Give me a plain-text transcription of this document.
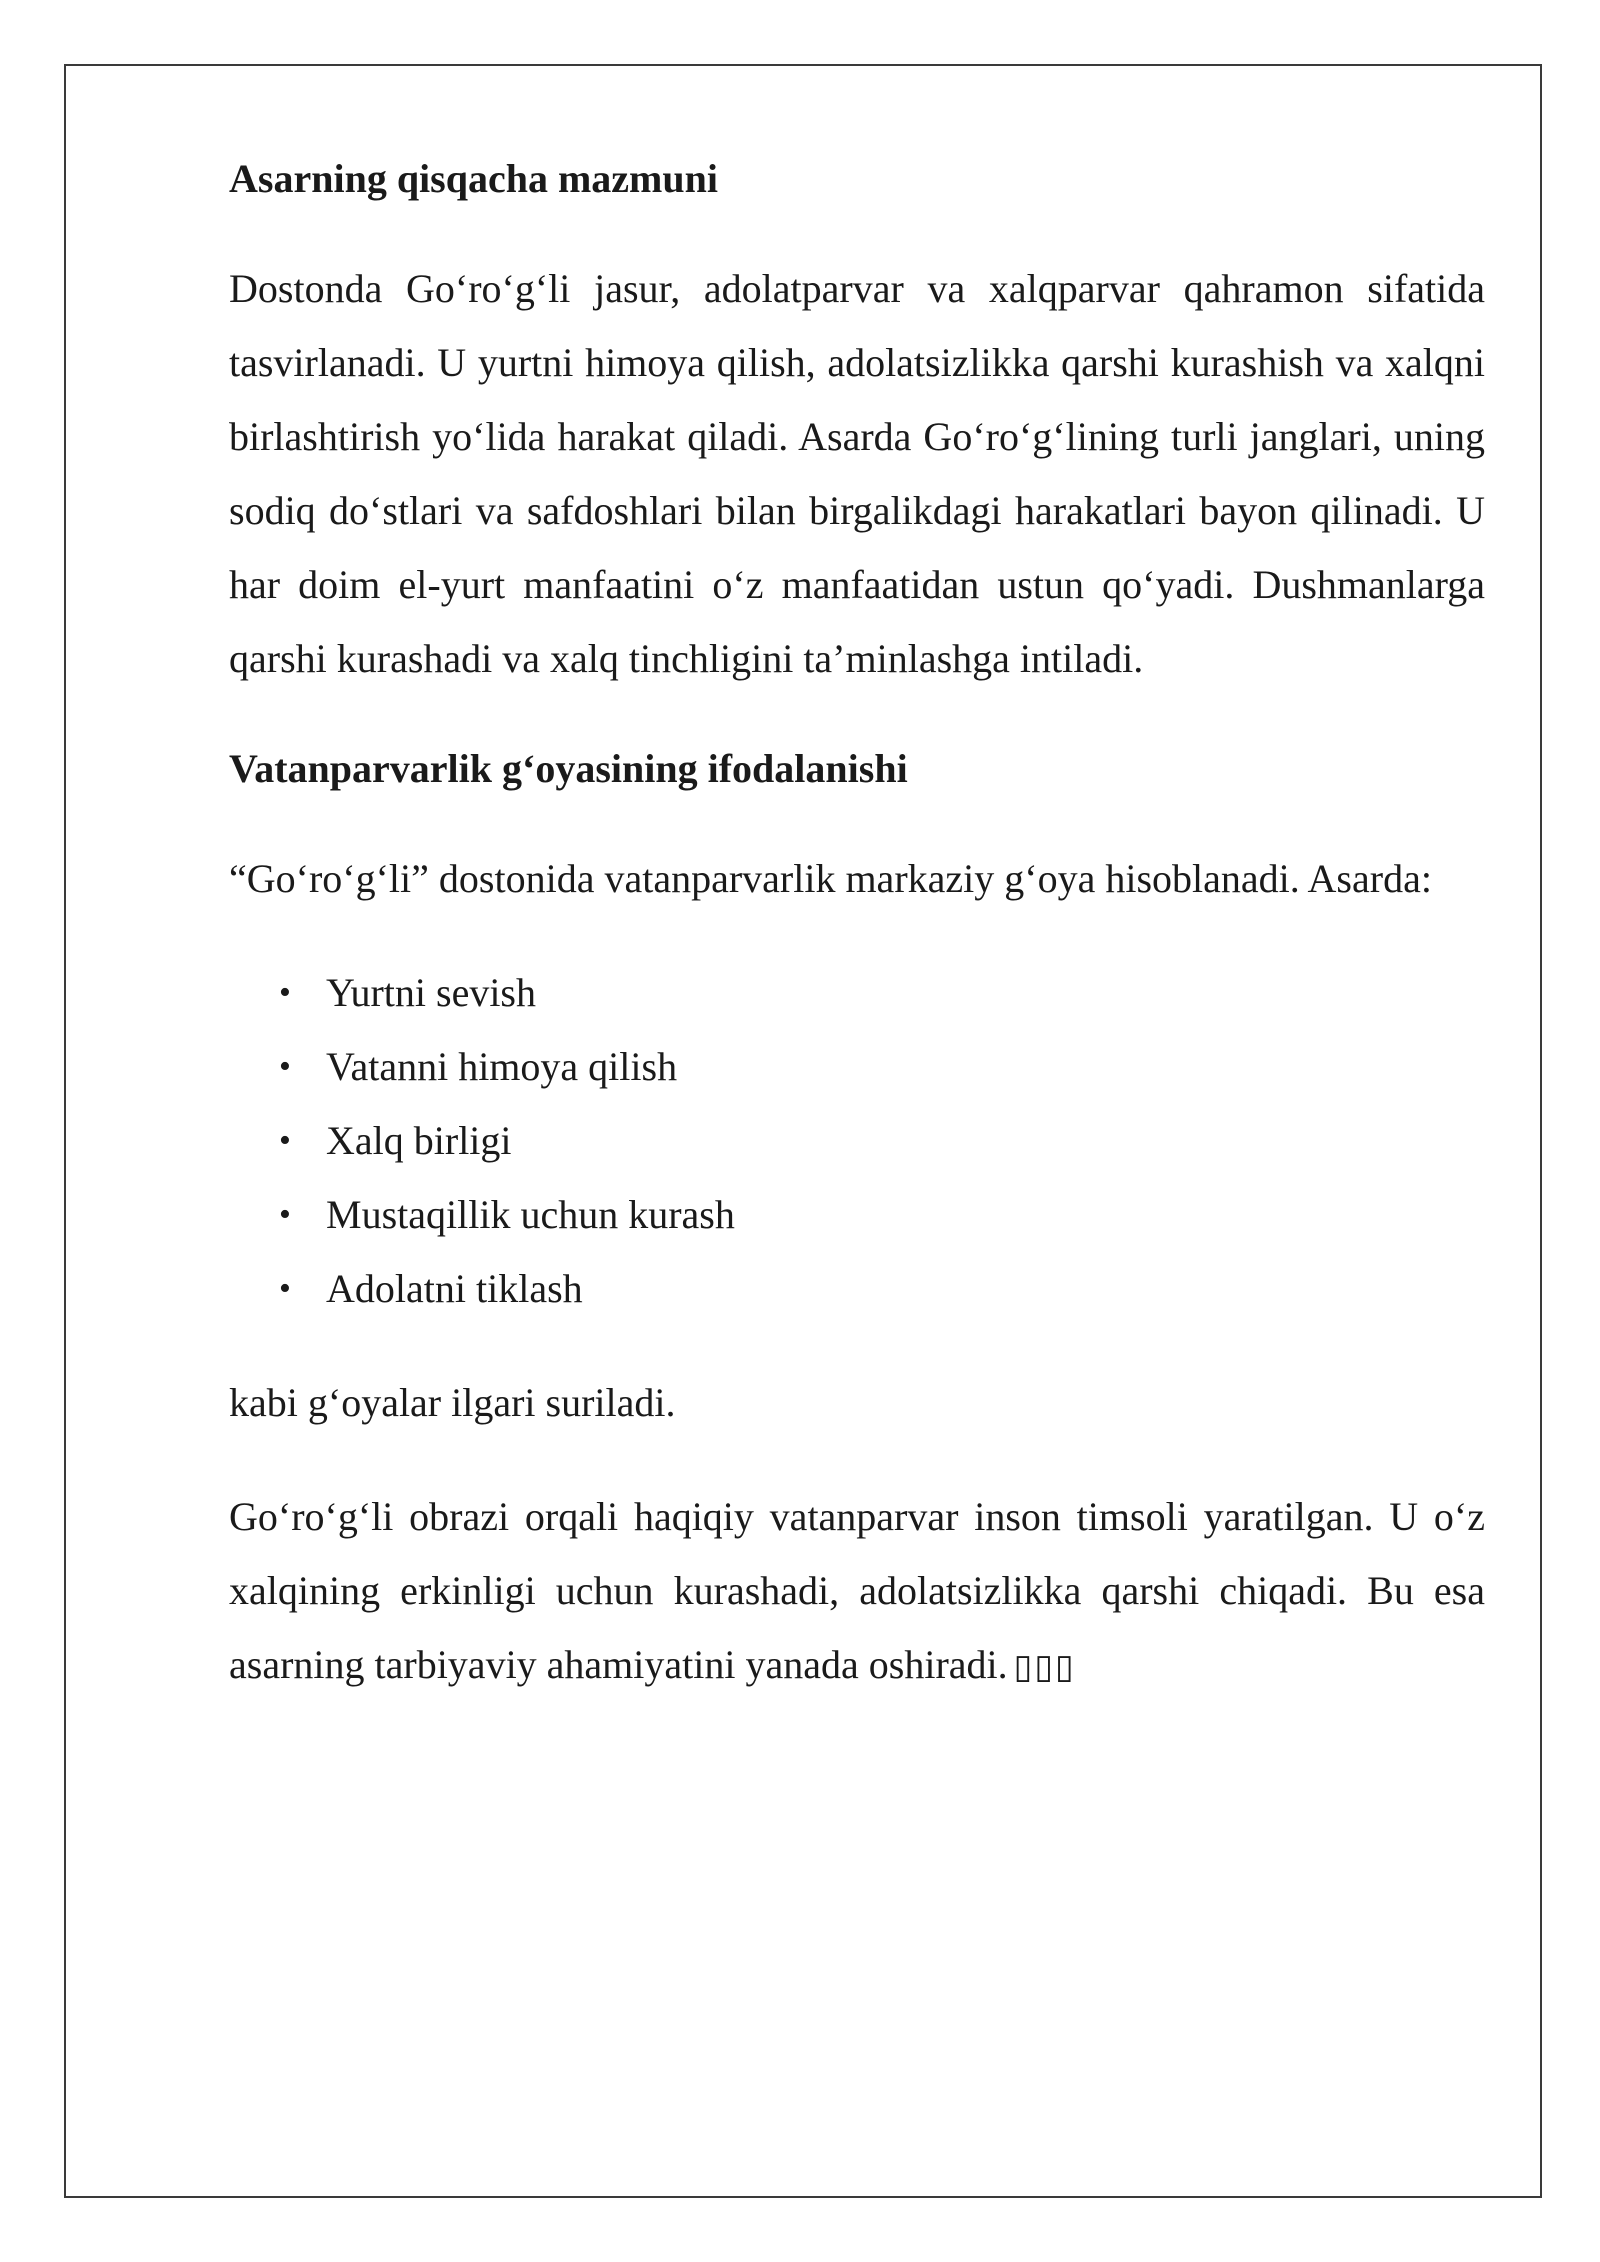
Asarning qisqacha mazmuni

Dostonda Go‘ro‘g‘li jasur, adolatparvar va xalqparvar qahramon sifatida tasvirlanadi. U yurtni himoya qilish, adolatsizlikka qarshi kurashish va xalqni birlashtirish yo‘lida harakat qiladi. Asarda Go‘ro‘g‘lining turli janglari, uning sodiq do‘stlari va safdoshlari bilan birgalikdagi harakatlari bayon qilinadi. U har doim el-yurt manfaatini o‘z manfaatidan ustun qo‘yadi. Dushmanlarga qarshi kurashadi va xalq tinchligini ta’minlashga intiladi.

Vatanparvarlik g‘oyasining ifodalanishi

“Go‘ro‘g‘li” dostonida vatanparvarlik markaziy g‘oya hisoblanadi. Asarda:

• Yurtni sevish
• Vatanni himoya qilish
• Xalq birligi
• Mustaqillik uchun kurash
• Adolatni tiklash

kabi g‘oyalar ilgari suriladi.

Go‘ro‘g‘li obrazi orqali haqiqiy vatanparvar inson timsoli yaratilgan. U o‘z xalqining erkinligi uchun kurashadi, adolatsizlikka qarshi chiqadi. Bu esa asarning tarbiyaviy ahamiyatini yanada oshiradi. ▯▯▯
